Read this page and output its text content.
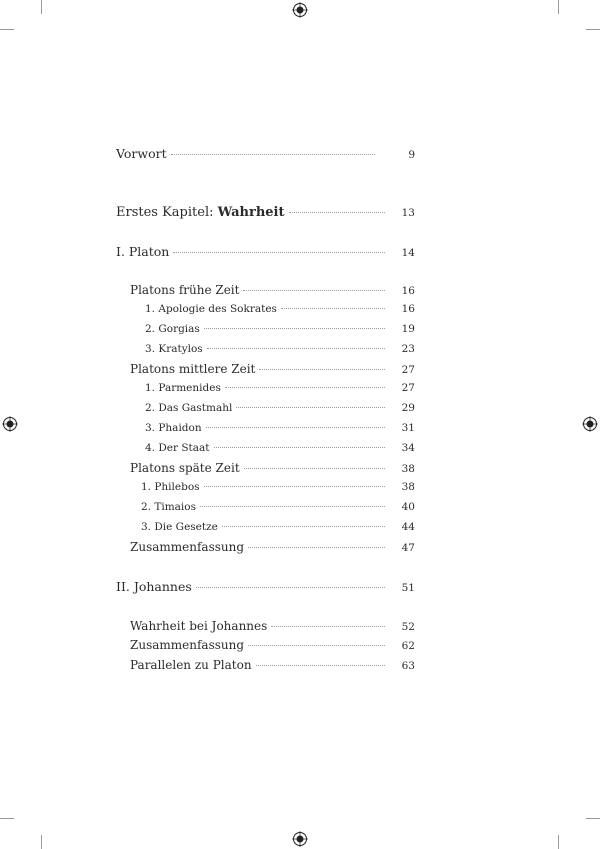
Vorwort	9
Erstes Kapitel: Wahrheit	13
I. Platon	14
Platons frühe Zeit	16
1. Apologie des Sokrates	16
2. Gorgias	19
3. Kratylos	23
Platons mittlere Zeit	27
1. Parmenides	27
2. Das Gastmahl	29
3. Phaidon	31
4. Der Staat	34
Platons späte Zeit	38
1. Philebos	38
2. Timaios	40
3. Die Gesetze	44
Zusammenfassung	47
II. Johannes	51
Wahrheit bei Johannes	52
Zusammenfassung	62
Parallelen zu Platon	63
